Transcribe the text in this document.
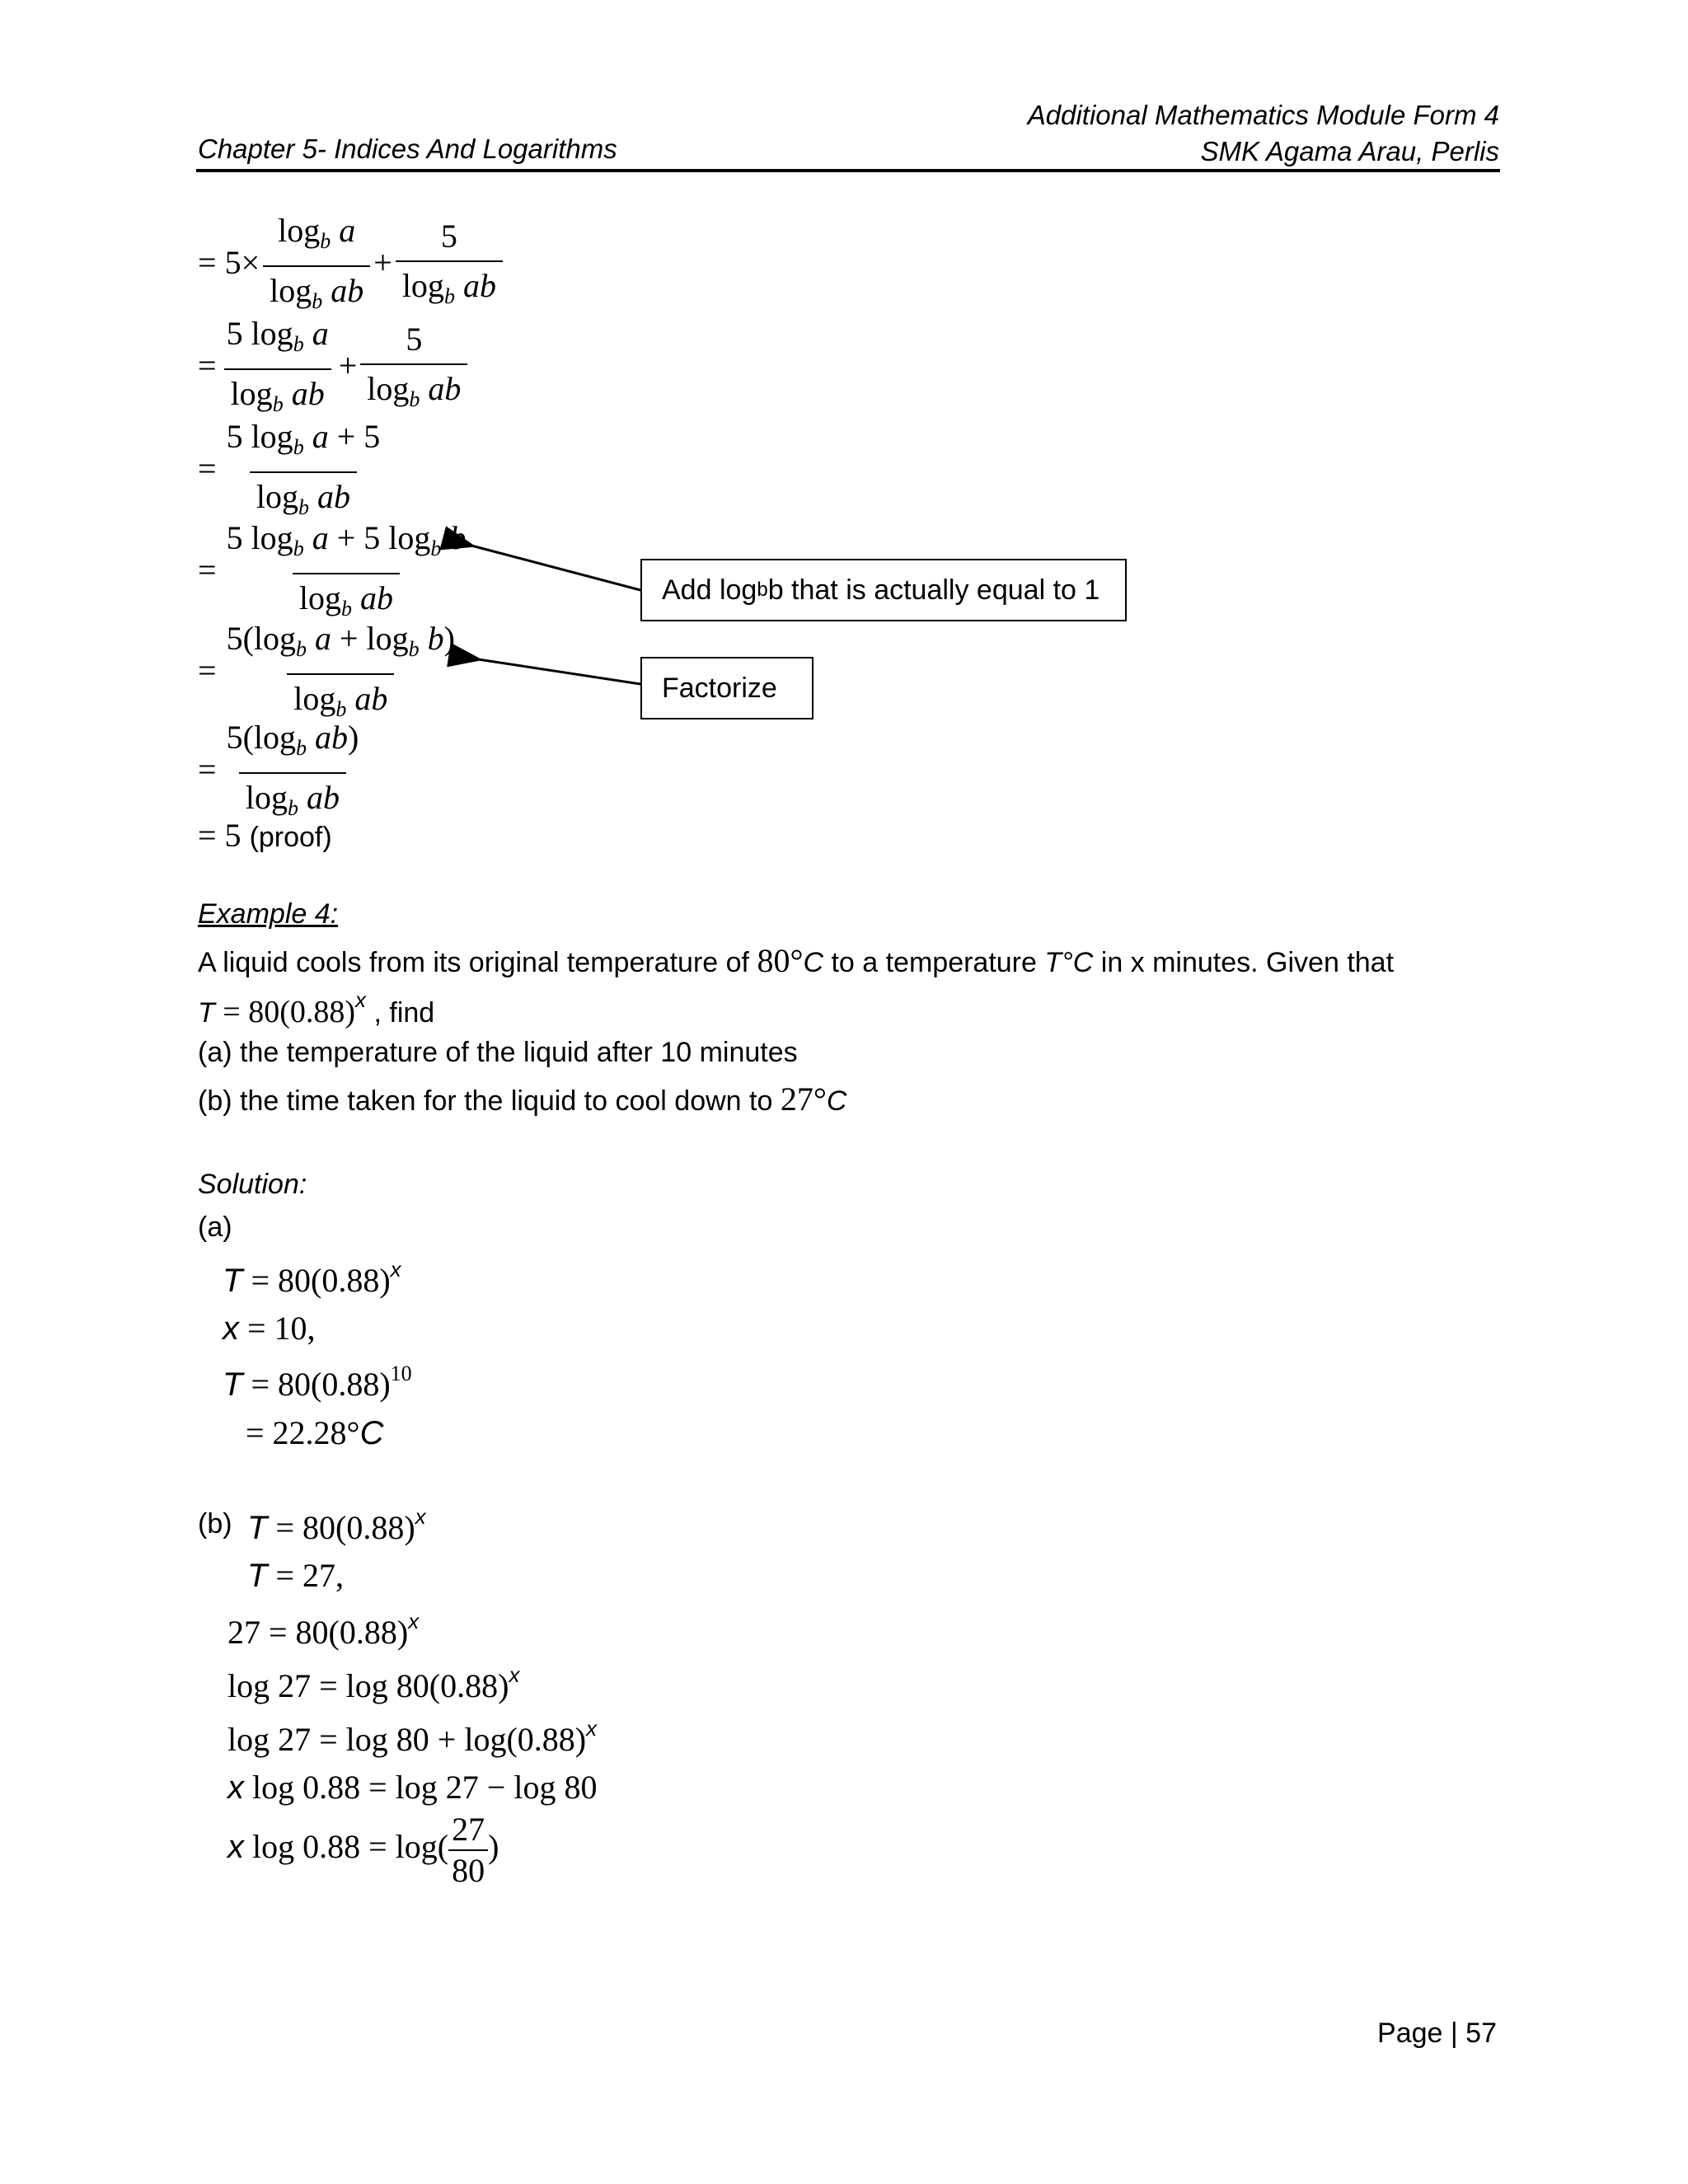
Additional Mathematics Module Form 4
SMK Agama Arau, Perlis
Chapter 5- Indices And Logarithms
= $5\times \frac{\log_b a}{\log_b ab} + \frac{5}{\log_b ab}$
= $\frac{5 \log_b a}{\log_b ab} + \frac{5}{\log_b ab}$
= $\frac{5 \log_b a + 5}{\log_b ab}$
= $\frac{5 \log_b a + 5 \log_b b}{\log_b ab}$
= $\frac{5(\log_b a + \log_b b)}{\log_b ab}$
= $\frac{5(\log_b ab)}{\log_b ab}$
= 5 (proof)
Add log b b that is actually equal to 1
Factorize
Example 4:
A liquid cools from its original temperature of 80°C to a temperature T°C in x minutes. Given that
$T = 80(0.88)^x$ , find
(a) the temperature of the liquid after 10 minutes
(b) the time taken for the liquid to cool down to 27°C
Solution:
(a)
$T = 80(0.88)^x$
x = 10,
$T = 80(0.88)^{10}$
= 22.28°C
(b) $T = 80(0.88)^x$
T = 27,
$27 = 80(0.88)^x$
$\log 27 = \log 80(0.88)^x$
$\log 27 = \log 80 + \log(0.88)^x$
x log 0.88 = log 27 − log 80
x $\log 0.88 = \log( \frac{27}{80}$ )
Page | 57
